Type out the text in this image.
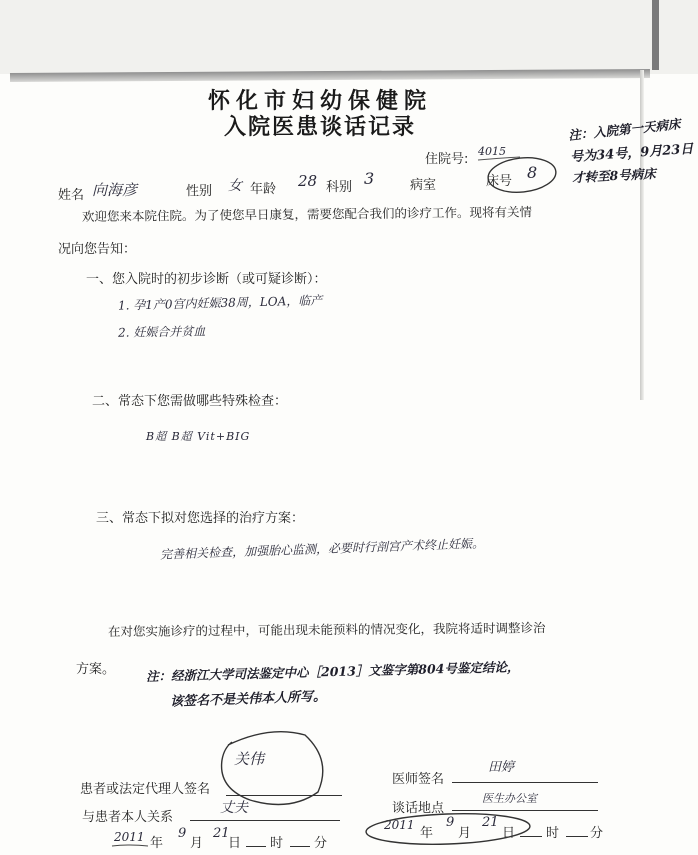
怀化市妇幼保健院
入院医患谈话记录	注：入院第一天病床
号为34号，9月23日
才转至8号病床
住院号:
4015
姓名 向海彦	性别 女 年龄 28 科别 3	病室	床号 8
欢迎您来本院住院。为了使您早日康复，需要您配合我们的诊疗工作。现将有关情
况向您告知：
一、您入院时的初步诊断（或可疑诊断）：
1. 孕1产0宫内妊娠38周，LOA，临产
2. 妊娠合并贫血
二、常态下您需做哪些特殊检查：
B超 B超 Vit+BIG
三、常态下拟对您选择的治疗方案：
完善相关检查，加强胎心监测，必要时行剖宫产术终止妊娠。
在对您实施诊疗的过程中，可能出现未能预料的情况变化，我院将适时调整诊治
方案。 注：经浙江大学司法鉴定中心［2013］文鉴字第804号鉴定结论，
该签名不是关伟本人所写。
患者或法定代理人签名
关伟
与患者本人关系
丈夫
2011 年
9
月
21
日 时 分
医师签名
田婷
谈话地点
医生办公室
2011
年
9
月
21
日 时 分
